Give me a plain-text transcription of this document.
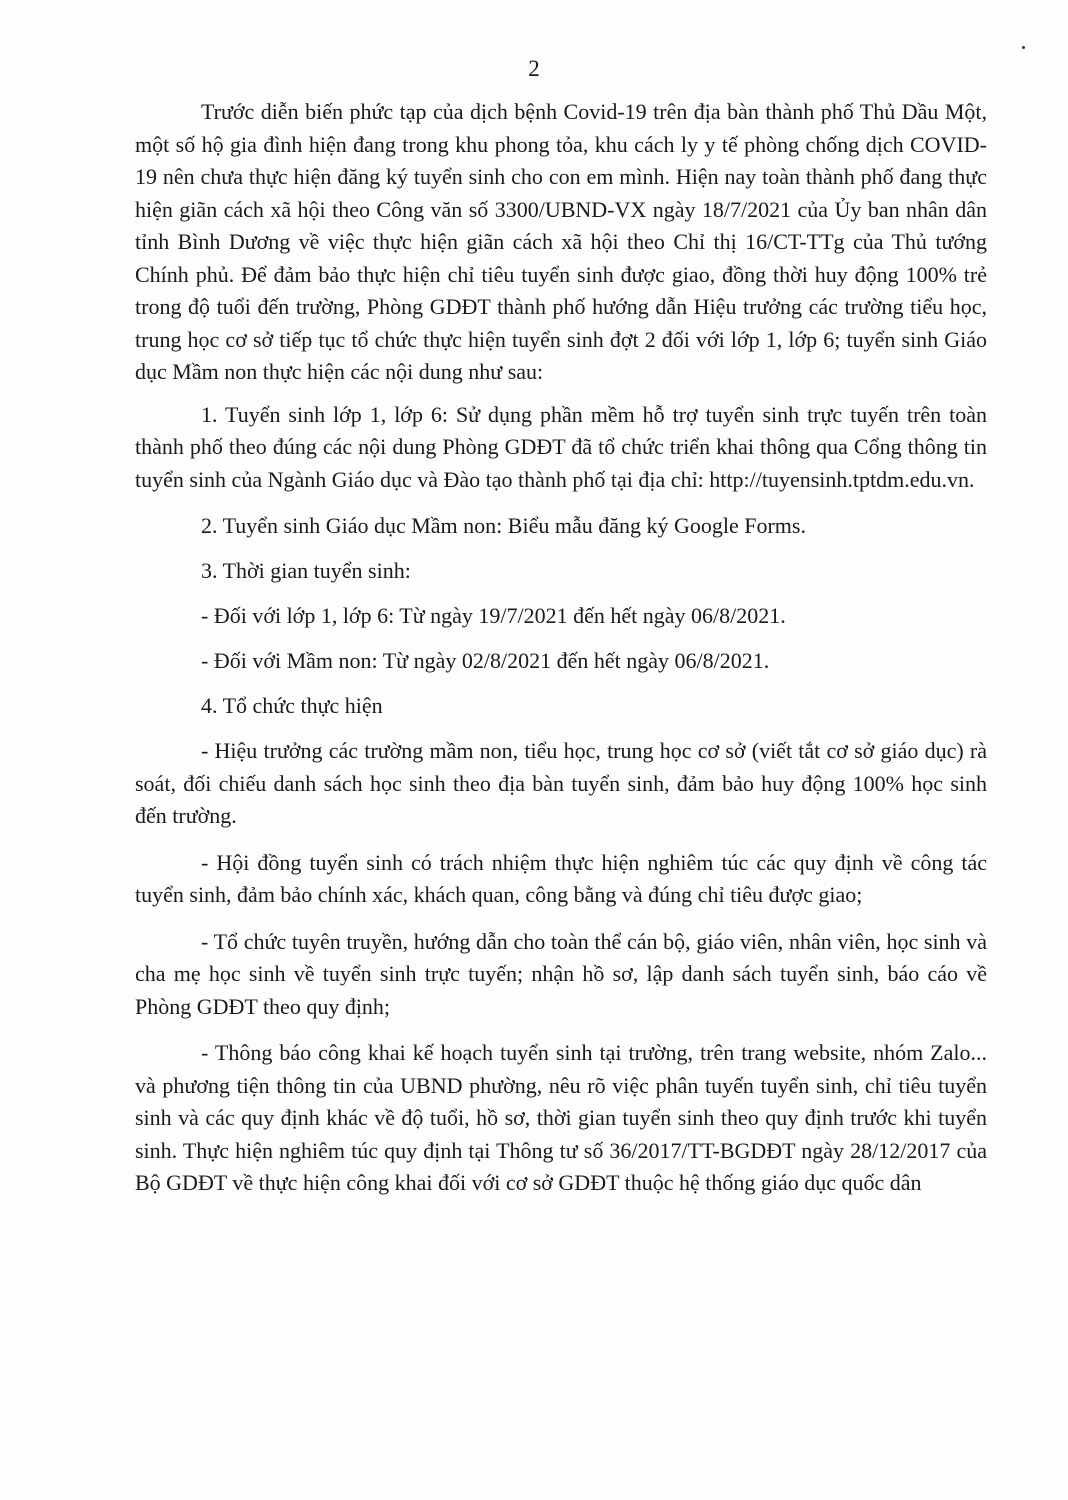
2

Trước diễn biến phức tạp của dịch bệnh Covid-19 trên địa bàn thành phố Thủ Dầu Một, một số hộ gia đình hiện đang trong khu phong tỏa, khu cách ly y tế phòng chống dịch COVID-19 nên chưa thực hiện đăng ký tuyển sinh cho con em mình. Hiện nay toàn thành phố đang thực hiện giãn cách xã hội theo Công văn số 3300/UBND-VX ngày 18/7/2021 của Ủy ban nhân dân tỉnh Bình Dương về việc thực hiện giãn cách xã hội theo Chỉ thị 16/CT-TTg của Thủ tướng Chính phủ. Để đảm bảo thực hiện chỉ tiêu tuyển sinh được giao, đồng thời huy động 100% trẻ trong độ tuổi đến trường, Phòng GDĐT thành phố hướng dẫn Hiệu trưởng các trường tiểu học, trung học cơ sở tiếp tục tổ chức thực hiện tuyển sinh đợt 2 đối với lớp 1, lớp 6; tuyển sinh Giáo dục Mầm non thực hiện các nội dung như sau:

1. Tuyển sinh lớp 1, lớp 6: Sử dụng phần mềm hỗ trợ tuyển sinh trực tuyến trên toàn thành phố theo đúng các nội dung Phòng GDĐT đã tổ chức triển khai thông qua Cổng thông tin tuyển sinh của Ngành Giáo dục và Đào tạo thành phố tại địa chỉ: http://tuyensinh.tptdm.edu.vn.

2. Tuyển sinh Giáo dục Mầm non: Biểu mẫu đăng ký Google Forms.

3. Thời gian tuyển sinh:

- Đối với lớp 1, lớp 6: Từ ngày 19/7/2021 đến hết ngày 06/8/2021.

- Đối với Mầm non: Từ ngày 02/8/2021 đến hết ngày 06/8/2021.

4. Tổ chức thực hiện

- Hiệu trưởng các trường mầm non, tiểu học, trung học cơ sở (viết tắt cơ sở giáo dục) rà soát, đối chiếu danh sách học sinh theo địa bàn tuyển sinh, đảm bảo huy động 100% học sinh đến trường.

- Hội đồng tuyển sinh có trách nhiệm thực hiện nghiêm túc các quy định về công tác tuyển sinh, đảm bảo chính xác, khách quan, công bằng và đúng chỉ tiêu được giao;

- Tổ chức tuyên truyền, hướng dẫn cho toàn thể cán bộ, giáo viên, nhân viên, học sinh và cha mẹ học sinh về tuyển sinh trực tuyến; nhận hồ sơ, lập danh sách tuyển sinh, báo cáo về Phòng GDĐT theo quy định;

- Thông báo công khai kế hoạch tuyển sinh tại trường, trên trang website, nhóm Zalo... và phương tiện thông tin của UBND phường, nêu rõ việc phân tuyến tuyển sinh, chỉ tiêu tuyển sinh và các quy định khác về độ tuổi, hồ sơ, thời gian tuyển sinh theo quy định trước khi tuyển sinh. Thực hiện nghiêm túc quy định tại Thông tư số 36/2017/TT-BGDĐT ngày 28/12/2017 của Bộ GDĐT về thực hiện công khai đối với cơ sở GDĐT thuộc hệ thống giáo dục quốc dân
